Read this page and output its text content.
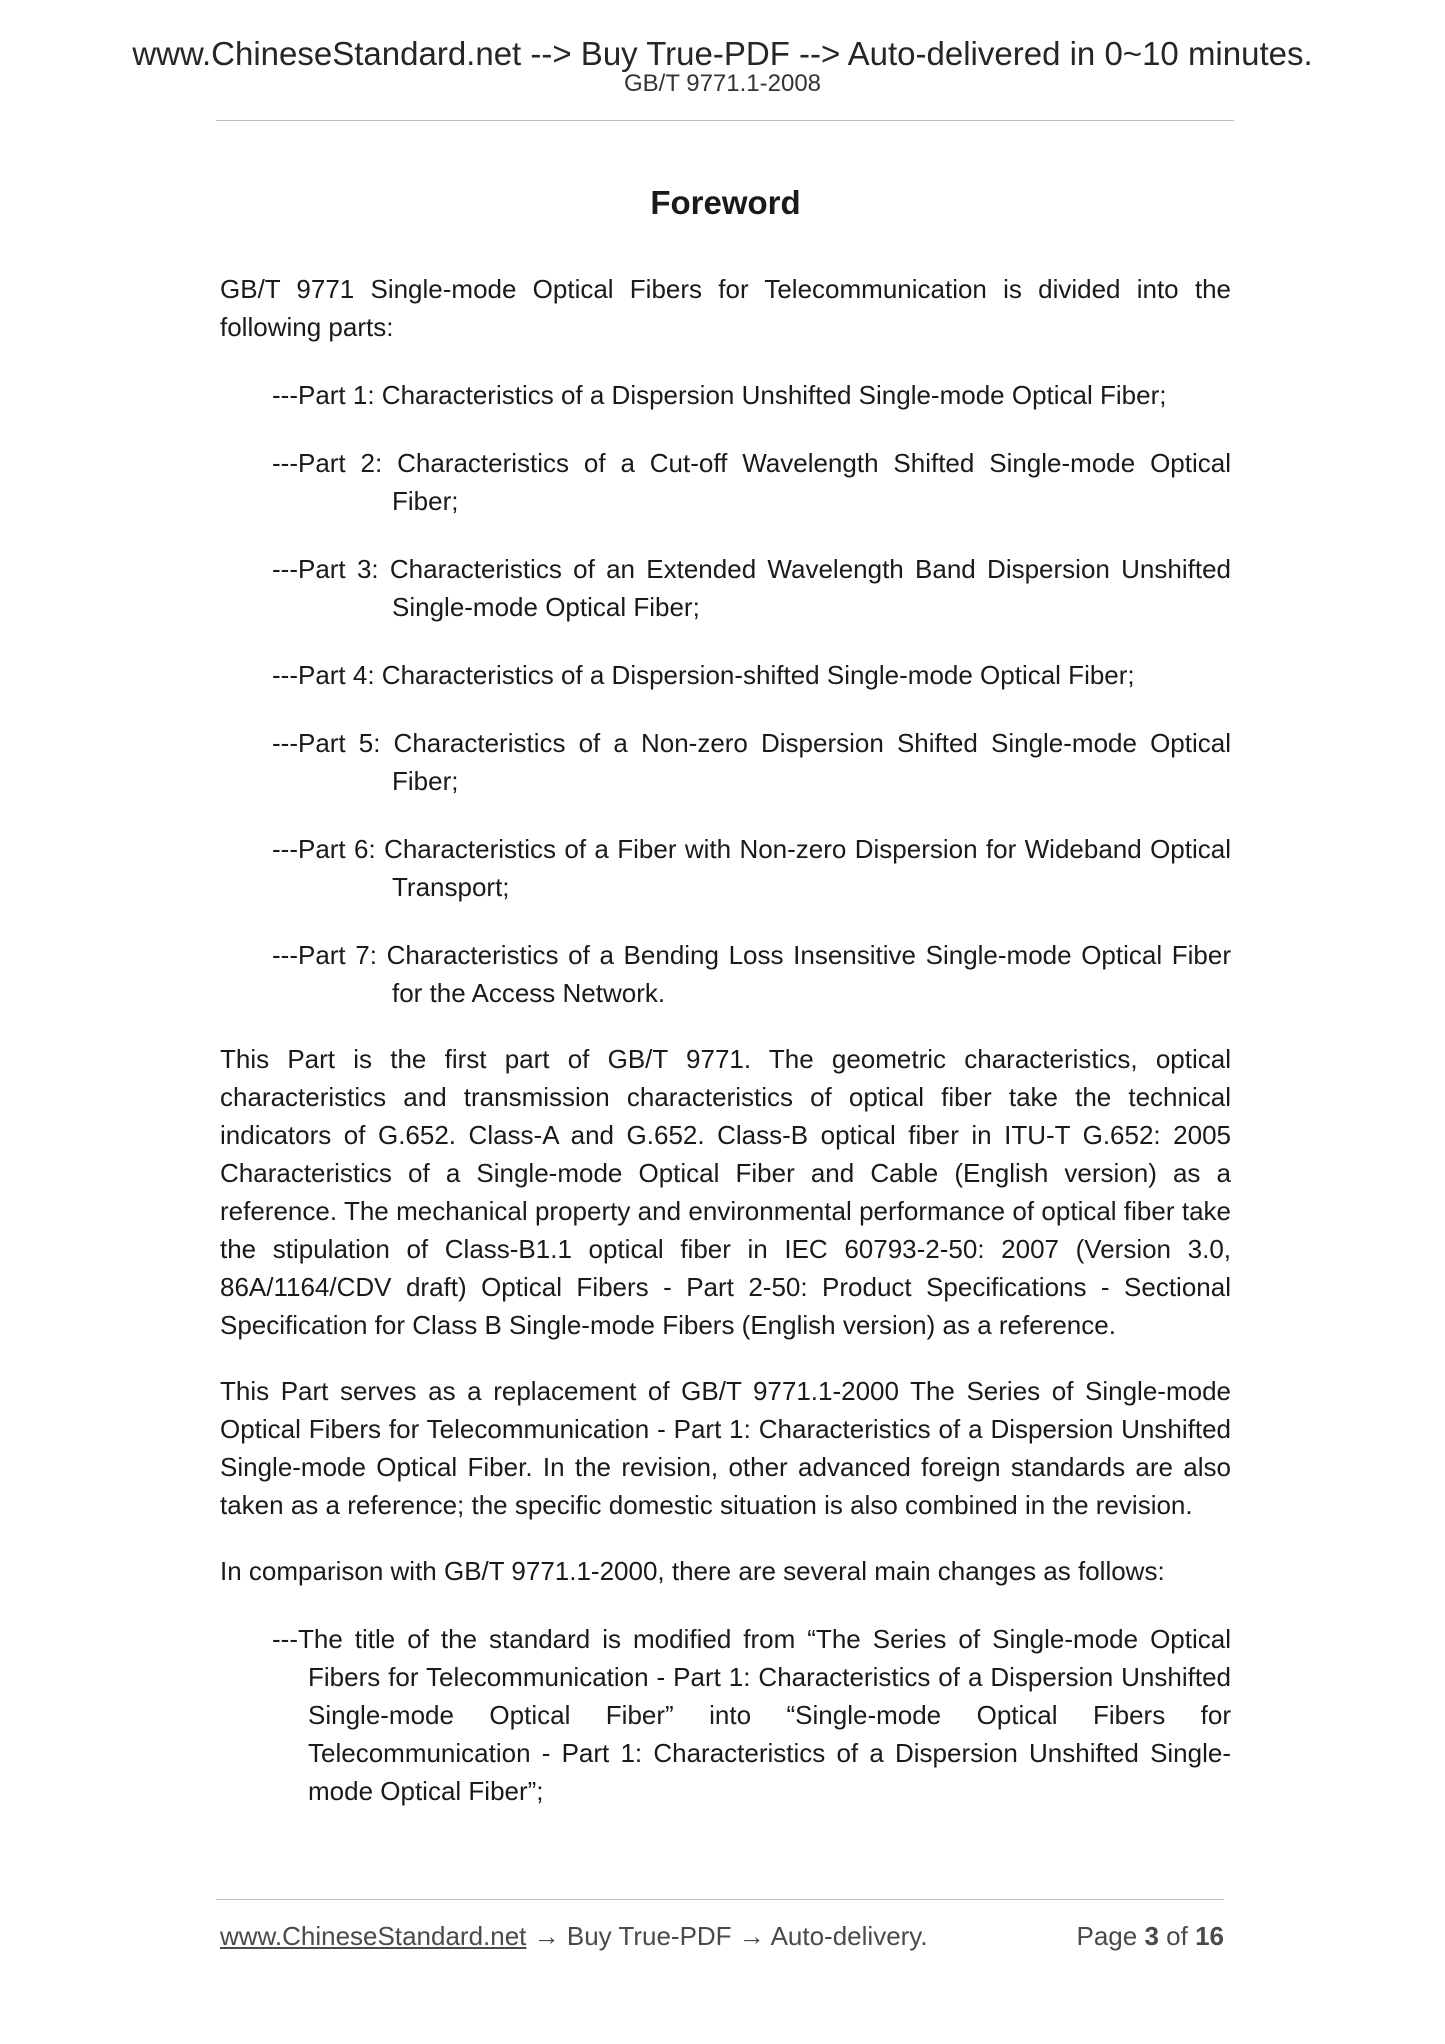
www.ChineseStandard.net --> Buy True-PDF --> Auto-delivered in 0~10 minutes.
GB/T 9771.1-2008
Foreword

GB/T 9771 Single-mode Optical Fibers for Telecommunication is divided into the following parts:

---Part 1: Characteristics of a Dispersion Unshifted Single-mode Optical Fiber;
---Part 2: Characteristics of a Cut-off Wavelength Shifted Single-mode Optical Fiber;
---Part 3: Characteristics of an Extended Wavelength Band Dispersion Unshifted Single-mode Optical Fiber;
---Part 4: Characteristics of a Dispersion-shifted Single-mode Optical Fiber;
---Part 5: Characteristics of a Non-zero Dispersion Shifted Single-mode Optical Fiber;
---Part 6: Characteristics of a Fiber with Non-zero Dispersion for Wideband Optical Transport;
---Part 7: Characteristics of a Bending Loss Insensitive Single-mode Optical Fiber for the Access Network.

This Part is the first part of GB/T 9771. The geometric characteristics, optical characteristics and transmission characteristics of optical fiber take the technical indicators of G.652. Class-A and G.652. Class-B optical fiber in ITU-T G.652: 2005 Characteristics of a Single-mode Optical Fiber and Cable (English version) as a reference. The mechanical property and environmental performance of optical fiber take the stipulation of Class-B1.1 optical fiber in IEC 60793-2-50: 2007 (Version 3.0, 86A/1164/CDV draft) Optical Fibers - Part 2-50: Product Specifications - Sectional Specification for Class B Single-mode Fibers (English version) as a reference.

This Part serves as a replacement of GB/T 9771.1-2000 The Series of Single-mode Optical Fibers for Telecommunication - Part 1: Characteristics of a Dispersion Unshifted Single-mode Optical Fiber. In the revision, other advanced foreign standards are also taken as a reference; the specific domestic situation is also combined in the revision.

In comparison with GB/T 9771.1-2000, there are several main changes as follows:

---The title of the standard is modified from “The Series of Single-mode Optical Fibers for Telecommunication - Part 1: Characteristics of a Dispersion Unshifted Single-mode Optical Fiber” into “Single-mode Optical Fibers for Telecommunication - Part 1: Characteristics of a Dispersion Unshifted Single-mode Optical Fiber”;
www.ChineseStandard.net → Buy True-PDF → Auto-delivery.	Page 3 of 16
